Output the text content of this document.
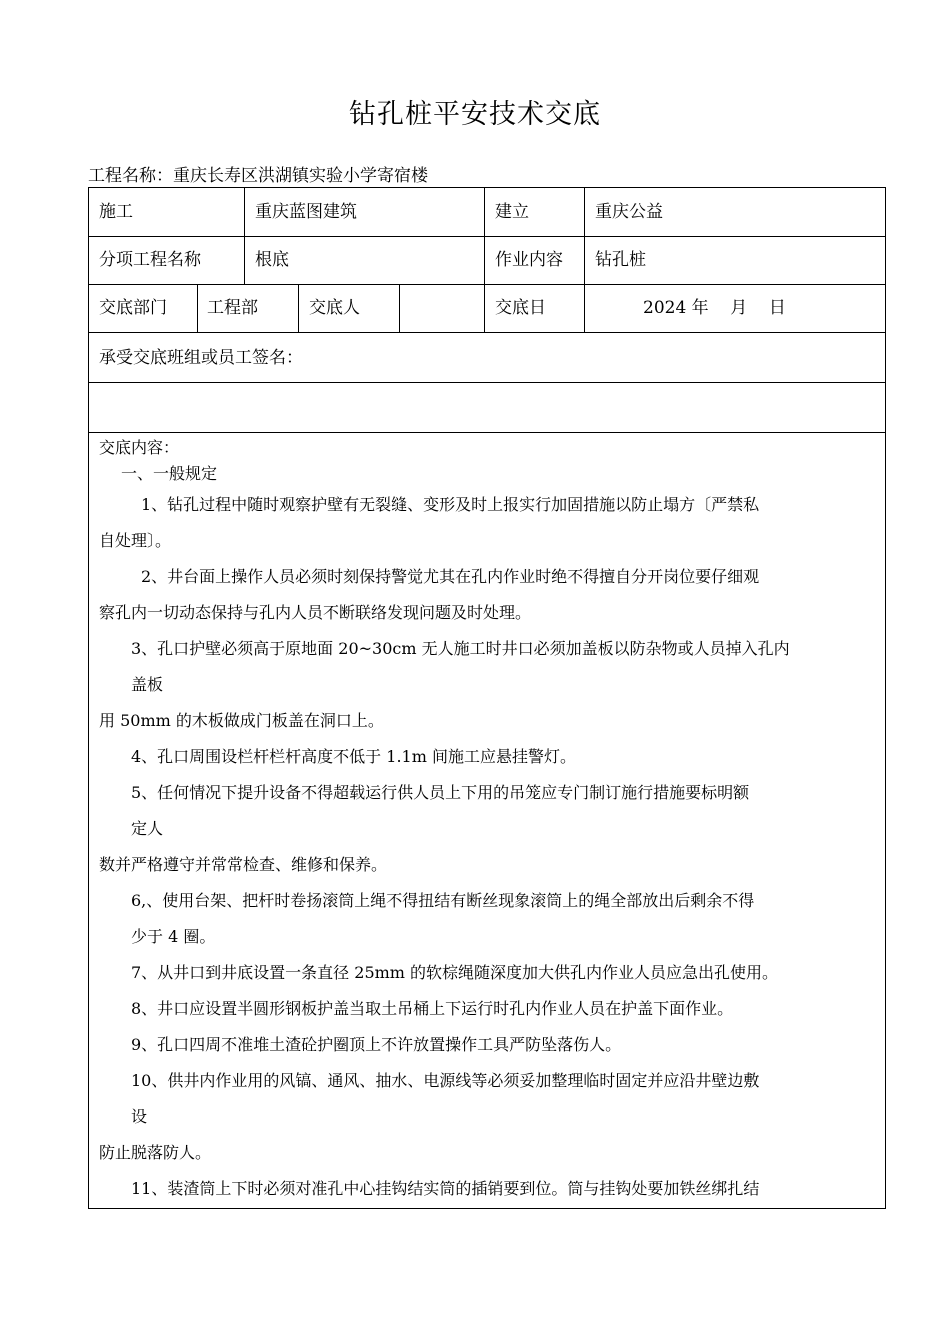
钻孔桩平安技术交底
工程名称：重庆长寿区洪湖镇实验小学寄宿楼
施工	重庆蓝图建筑	建立	重庆公益
分项工程名称	根底	作业内容 钻孔桩
交底部门 工程部	交底人	交底日	2024 年    月    日
承受交底班组或员工签名：

交底内容：

一、一般规定

1、钻孔过程中随时观察护壁有无裂缝、变形及时上报实行加固措施以防止塌方〔严禁私

自处理〕。

2、井台面上操作人员必须时刻保持警觉尤其在孔内作业时绝不得擅自分开岗位要仔细观

察孔内一切动态保持与孔内人员不断联络发现问题及时处理。

3、孔口护壁必须高于原地面 20~30cm 无人施工时井口必须加盖板以防杂物或人员掉入孔内

盖板

用 50mm 的木板做成门板盖在洞口上。

4、孔口周围设栏杆栏杆高度不低于 1.1m 间施工应悬挂警灯。

5、任何情况下提升设备不得超载运行供人员上下用的吊笼应专门制订施行措施要标明额

定人

数并严格遵守并常常检查、维修和保养。

6,、使用台架、把杆时卷扬滚筒上绳不得扭结有断丝现象滚筒上的绳全部放出后剩余不得

少于 4 圈。

7、从井口到井底设置一条直径 25mm 的软棕绳随深度加大供孔内作业人员应急出孔使用。

8、井口应设置半圆形钢板护盖当取土吊桶上下运行时孔内作业人员在护盖下面作业。

9、孔口四周不准堆土渣砼护圈顶上不许放置操作工具严防坠落伤人。

10、供井内作业用的风镐、通风、抽水、电源线等必须妥加整理临时固定并应沿井壁边敷

设

防止脱落防人。

11、装渣筒上下时必须对准孔中心挂钩结实筒的插销要到位。筒与挂钩处要加铁丝绑扎结
